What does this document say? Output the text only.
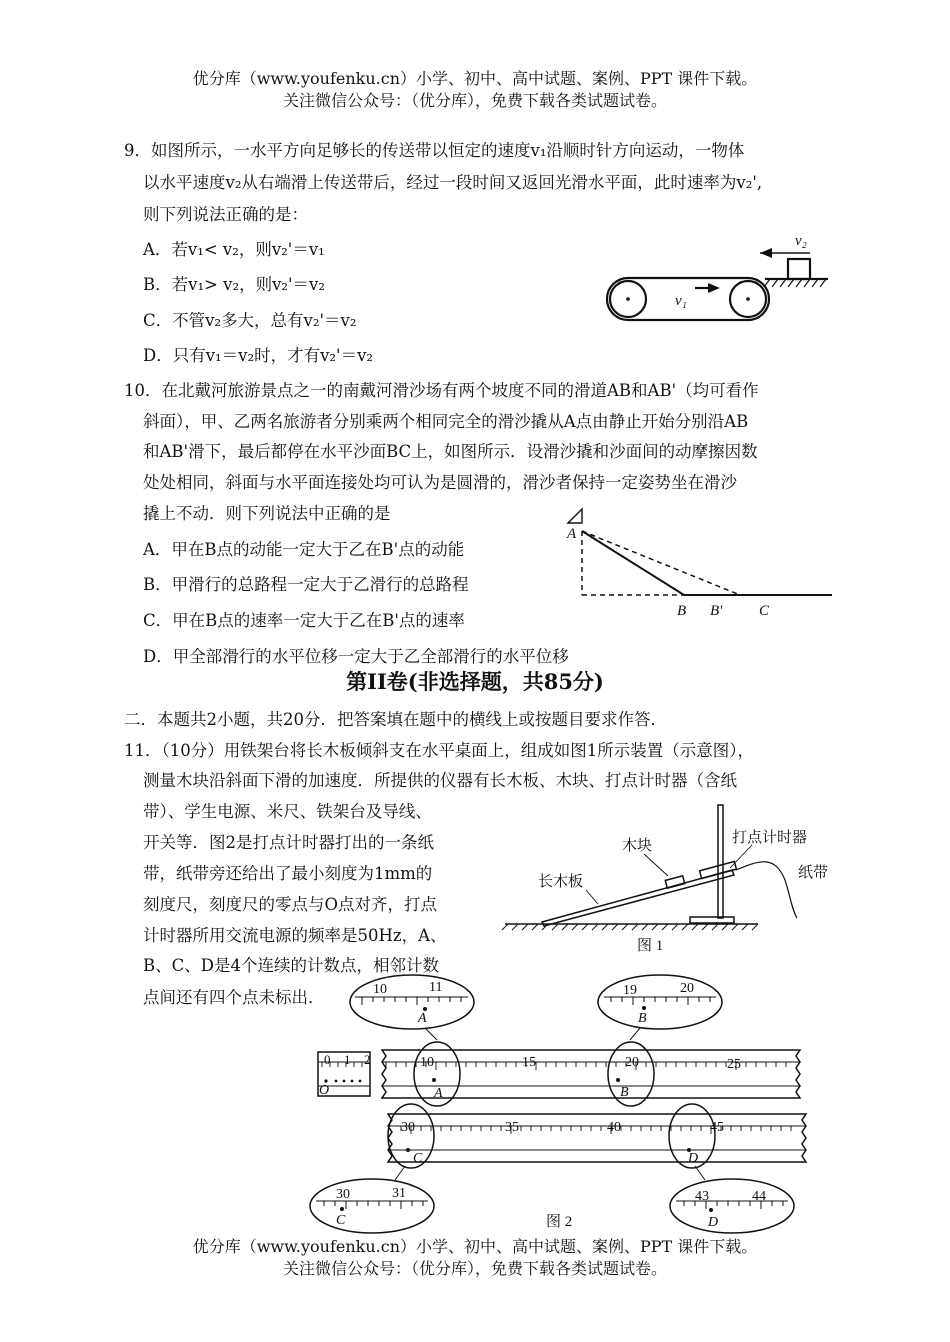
优分库（www.youfenku.cn）小学、初中、高中试题、案例、PPT 课件下载。
关注微信公众号：（优分库），免费下载各类试题试卷。
9．如图所示，一水平方向足够长的传送带以恒定的速度v₁沿顺时针方向运动，一物体
以水平速度v₂从右端滑上传送带后，经过一段时间又返回光滑水平面，此时速率为v₂',
则下列说法正确的是：
A．若v₁< v₂，则v₂'＝v₁
B．若v₁> v₂，则v₂'＝v₂
C．不管v₂多大，总有v₂'＝v₂
D．只有v₁＝v₂时，才有v₂'＝v₂
v₁
v₂
10．在北戴河旅游景点之一的南戴河滑沙场有两个坡度不同的滑道AB和AB'（均可看作
斜面），甲、乙两名旅游者分别乘两个相同完全的滑沙撬从A点由静止开始分别沿AB
和AB'滑下，最后都停在水平沙面BC上，如图所示．设滑沙撬和沙面间的动摩擦因数
处处相同，斜面与水平面连接处均可认为是圆滑的，滑沙者保持一定姿势坐在滑沙
撬上不动．则下列说法中正确的是
A．甲在B点的动能一定大于乙在B'点的动能
B．甲滑行的总路程一定大于乙滑行的总路程
C．甲在B点的速率一定大于乙在B'点的速率
D．甲全部滑行的水平位移一定大于乙全部滑行的水平位移
A
B B' C
第II卷(非选择题，共85分)
二．本题共2小题，共20分．把答案填在题中的横线上或按题目要求作答．
11．（10分）用铁架台将长木板倾斜支在水平桌面上，组成如图1所示装置（示意图），
测量木块沿斜面下滑的加速度．所提供的仪器有长木板、木块、打点计时器（含纸
带）、学生电源、米尺、铁架台及导线、
开关等．图2是打点计时器打出的一条纸
带，纸带旁还给出了最小刻度为1mm的
刻度尺，刻度尺的零点与O点对齐，打点
计时器所用交流电源的频率是50Hz，A、
B、C、D是4个连续的计数点，相邻计数
点间还有四个点未标出．
木块	打点计时器
长木板
纸带
图 1
10	11	19	20
30	31	43	44
A	B
C	D
0 1 2	10	15	20	25
O	A	B
30	35	40	45
C	D
图 2
优分库（www.youfenku.cn）小学、初中、高中试题、案例、PPT 课件下载。
关注微信公众号：（优分库），免费下载各类试题试卷。
